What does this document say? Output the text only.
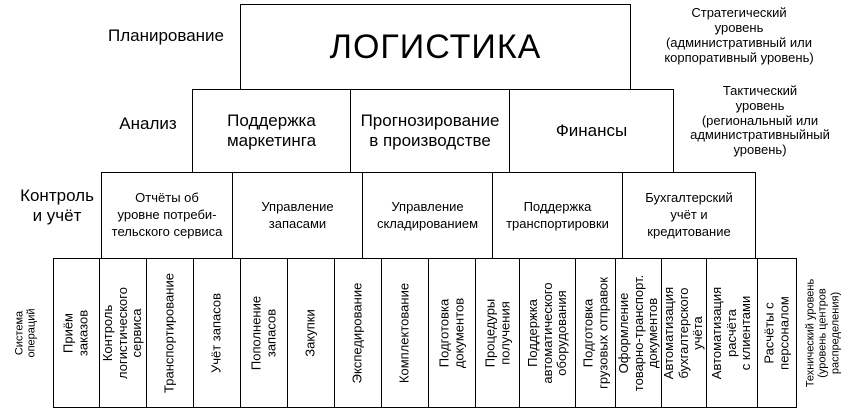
Планирование
Анализ
Контроль
и учёт
Стратегический
уровень
(административный или
корпоративный уровень)
Тактический
уровень
(региональный или
административныйный
уровень)
ЛОГИСТИКА
Поддержка
маркетинга
Прогнозирование
в производстве
Финансы
Отчёты об
уровне потреби-
тельского сервиса
Управление
запасами
Управление
складированием
Поддержка
транспортировки
Бухгалтерский
учёт и
кредитование
Система
операций	Технический уровень
(уровень центров
распределения)
Приём
заказов Контроль
логистического
сервиса Транспортирование Учёт запасов Пополнение
запасов Закупки Экспедирование Комплектование Подготовка
документов Процедуры
получения Поддержка
автоматического
оборудования Подготовка
грузовых отправок Оформление
товарно-транспорт.
документов Автоматизация
бухгалтерского
учёта Автоматизация
расчёта
с клиентами Расчёты с
персоналом
